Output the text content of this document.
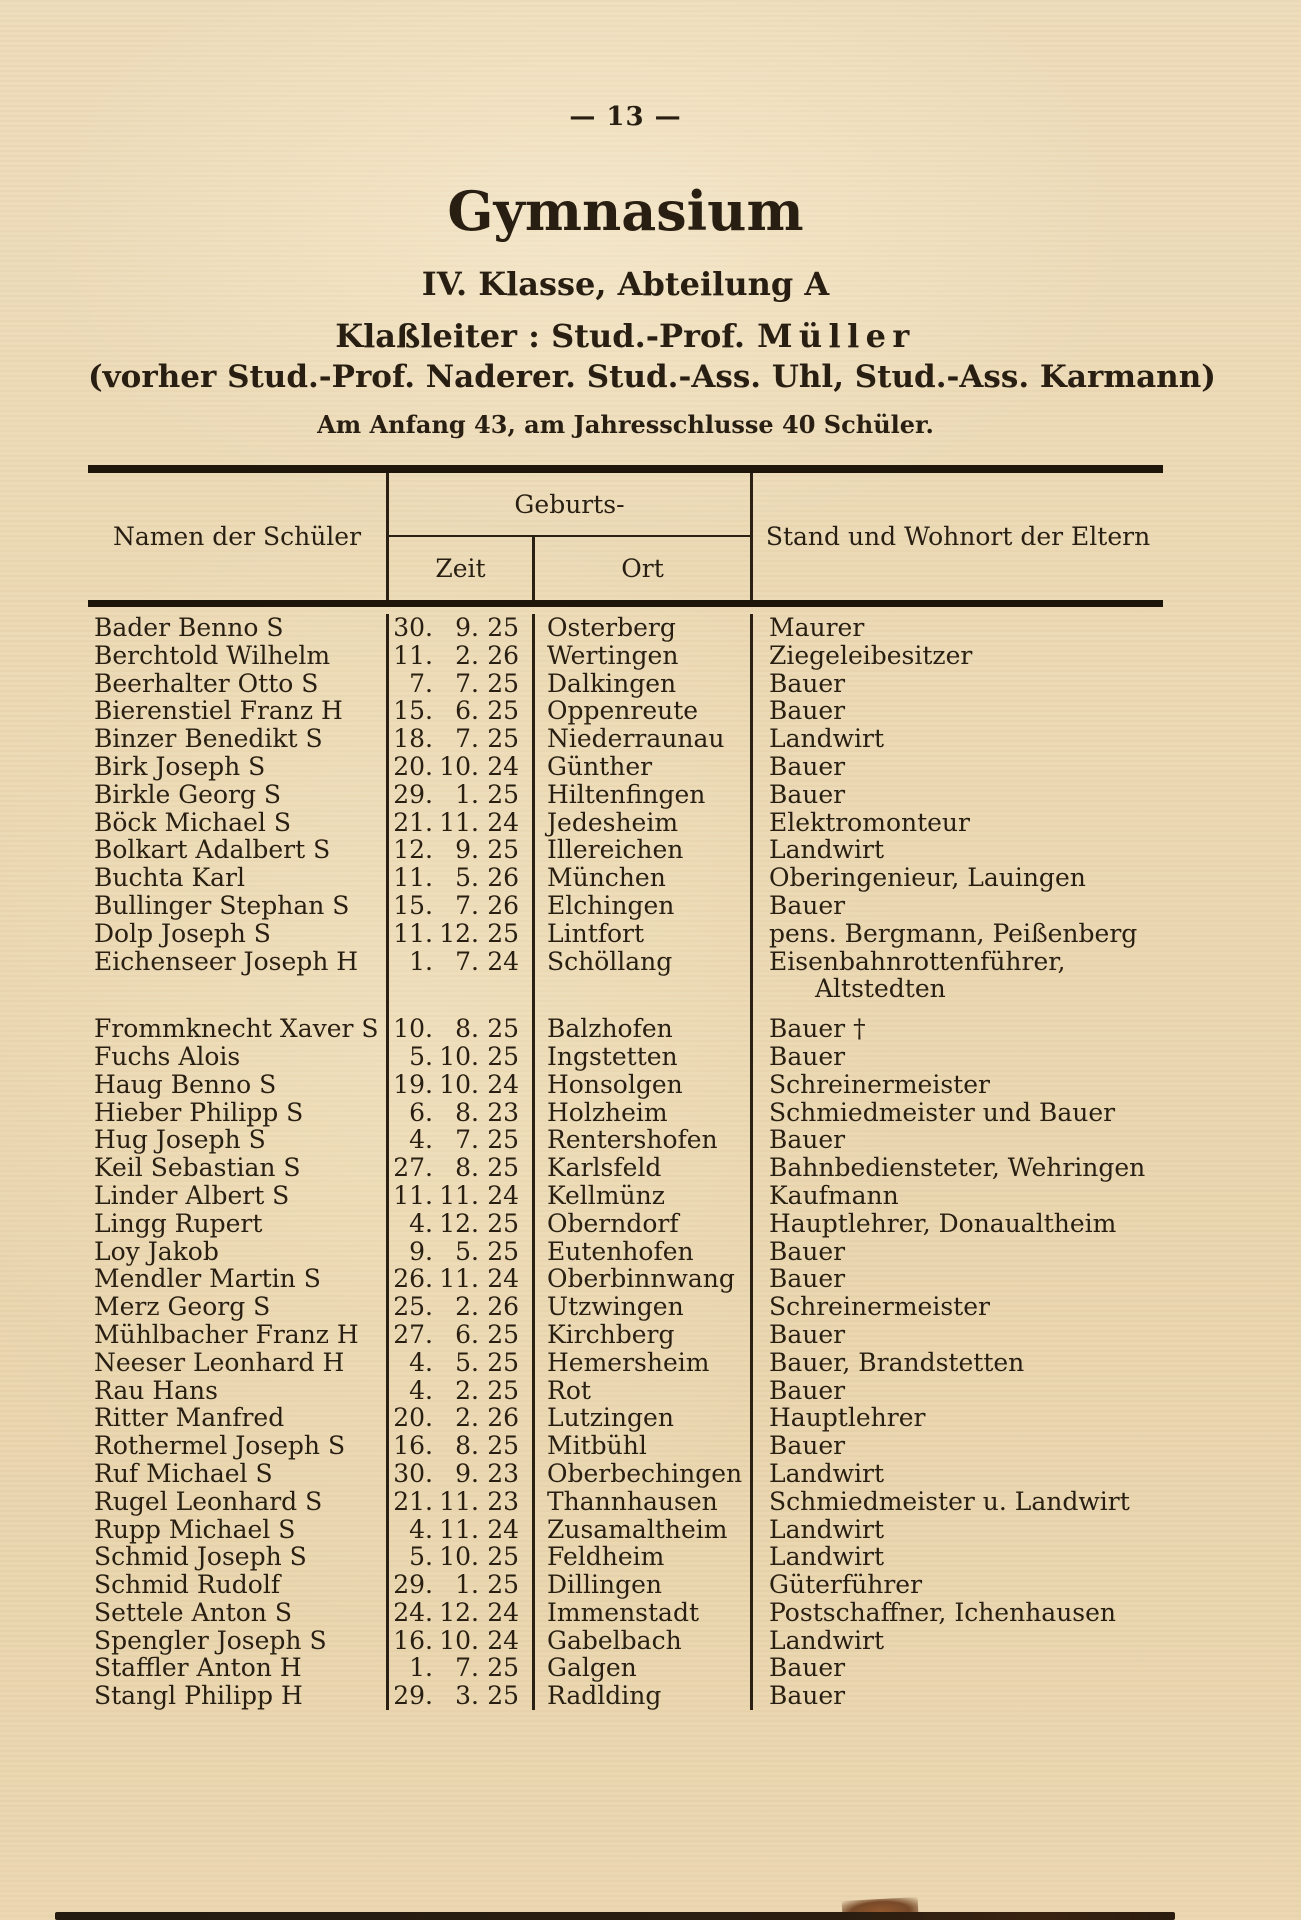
— 13 —
Gymnasium
IV. Klasse, Abteilung A
Klaßleiter : Stud.-Prof. Müller
(vorher Stud.-Prof. Naderer. Stud.-Ass. Uhl, Stud.-Ass. Karmann)
Am Anfang 43, am Jahresschlusse 40 Schüler.
Namen der Schüler
Geburts-
Zeit	Ort
Stand und Wohnort der Eltern
Bader Benno S	30. 9. 25	Osterberg	Maurer
Berchtold Wilhelm	11. 2. 26	Wertingen	Ziegeleibesitzer
Beerhalter Otto S	7. 7. 25	Dalkingen	Bauer
Bierenstiel Franz H	15. 6. 25	Oppenreute	Bauer
Binzer Benedikt S	18. 7. 25	Niederraunau	Landwirt
Birk Joseph S	20. 10. 24	Günther	Bauer
Birkle Georg S	29. 1. 25	Hiltenfingen	Bauer
Böck Michael S	21. 11. 24	Jedesheim	Elektromonteur
Bolkart Adalbert S	12. 9. 25	Illereichen	Landwirt
Buchta Karl	11. 5. 26	München	Oberingenieur, Lauingen
Bullinger Stephan S	15. 7. 26	Elchingen	Bauer
Dolp Joseph S	11. 12. 25	Lintfort	pens. Bergmann, Peißenberg
Eichenseer Joseph H	1. 7. 24	Schöllang	Eisenbahnrottenführer,
Altstedten
Frommknecht Xaver S 10. 8. 25	Balzhofen	Bauer †
Fuchs Alois	5. 10. 25	Ingstetten	Bauer
Haug Benno S	19. 10. 24	Honsolgen	Schreinermeister
Hieber Philipp S	6. 8. 23	Holzheim	Schmiedmeister und Bauer
Hug Joseph S	4. 7. 25	Rentershofen	Bauer
Keil Sebastian S	27. 8. 25	Karlsfeld	Bahnbediensteter, Wehringen
Linder Albert S	11. 11. 24	Kellmünz	Kaufmann
Lingg Rupert	4. 12. 25	Oberndorf	Hauptlehrer, Donaualtheim
Loy Jakob	9. 5. 25	Eutenhofen	Bauer
Mendler Martin S	26. 11. 24	Oberbinnwang	Bauer
Merz Georg S	25. 2. 26	Utzwingen	Schreinermeister
Mühlbacher Franz H	27. 6. 25	Kirchberg	Bauer
Neeser Leonhard H	4. 5. 25	Hemersheim	Bauer, Brandstetten
Rau Hans	4. 2. 25	Rot	Bauer
Ritter Manfred	20. 2. 26	Lutzingen	Hauptlehrer
Rothermel Joseph S	16. 8. 25	Mitbühl	Bauer
Ruf Michael S	30. 9. 23	Oberbechingen	Landwirt
Rugel Leonhard S	21. 11. 23	Thannhausen	Schmiedmeister u. Landwirt
Rupp Michael S	4. 11. 24	Zusamaltheim	Landwirt
Schmid Joseph S	5. 10. 25	Feldheim	Landwirt
Schmid Rudolf	29. 1. 25	Dillingen	Güterführer
Settele Anton S	24. 12. 24	Immenstadt	Postschaffner, Ichenhausen
Spengler Joseph S	16. 10. 24	Gabelbach	Landwirt
Staffler Anton H	1. 7. 25	Galgen	Bauer
Stangl Philipp H	29. 3. 25	Radlding	Bauer
